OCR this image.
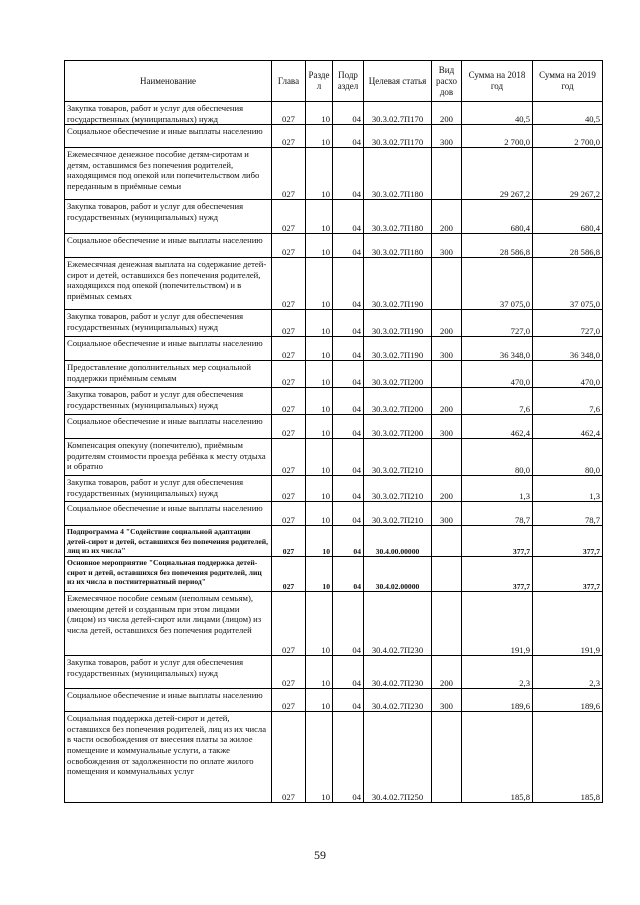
Наименование	Глава	Разде л	Подр аздел	Целевая статья	Вид расхо дов	Сумма на 2018 год	Сумма на 2019 год
Закупка товаров, работ и услуг для обеспечения государственных (муниципальных) нужд	027	10	04	30.3.02.7П170	200	40,5	40,5
Социальное обеспечение и иные выплаты населению	027	10	04	30.3.02.7П170	300	2 700,0	2 700,0
Ежемесячное денежное пособие детям-сиротам и детям, оставшимся без попечения родителей, находящимся под опекой или попечительством либо переданным в приёмные семьи	027	10	04	30.3.02.7П180		29 267,2	29 267,2
Закупка товаров, работ и услуг для обеспечения государственных (муниципальных) нужд	027	10	04	30.3.02.7П180	200	680,4	680,4
Социальное обеспечение и иные выплаты населению	027	10	04	30.3.02.7П180	300	28 586,8	28 586,8
Ежемесячная денежная выплата на содержание детей-сирот и детей, оставшихся без попечения родителей, находящихся под опекой (попечительством) и в приёмных семьях	027	10	04	30.3.02.7П190		37 075,0	37 075,0
Закупка товаров, работ и услуг для обеспечения государственных (муниципальных) нужд	027	10	04	30.3.02.7П190	200	727,0	727,0
Социальное обеспечение и иные выплаты населению	027	10	04	30.3.02.7П190	300	36 348,0	36 348,0
Предоставление дополнительных мер социальной поддержки приёмным семьям	027	10	04	30.3.02.7П200		470,0	470,0
Закупка товаров, работ и услуг для обеспечения государственных (муниципальных) нужд	027	10	04	30.3.02.7П200	200	7,6	7,6
Социальное обеспечение и иные выплаты населению	027	10	04	30.3.02.7П200	300	462,4	462,4
Компенсация опекуну (попечителю), приёмным родителям стоимости проезда ребёнка к месту отдыха и обратно	027	10	04	30.3.02.7П210		80,0	80,0
Закупка товаров, работ и услуг для обеспечения государственных (муниципальных) нужд	027	10	04	30.3.02.7П210	200	1,3	1,3
Социальное обеспечение и иные выплаты населению	027	10	04	30.3.02.7П210	300	78,7	78,7
Подпрограмма 4 "Содействие социальной адаптации детей-сирот и детей, оставшихся без попечения родителей, лиц из их числа"	027	10	04	30.4.00.00000		377,7	377,7
Основное мероприятие "Социальная поддержка детей-сирот и детей, оставшихся без попечения родителей, лиц из их числа в постинтернатный период"	027	10	04	30.4.02.00000		377,7	377,7
Ежемесячное пособие семьям (неполным семьям), имеющим детей и созданным при этом лицами (лицом) из числа детей-сирот или лицами (лицом) из числа детей, оставшихся без попечения родителей	027	10	04	30.4.02.7П230		191,9	191,9
Закупка товаров, работ и услуг для обеспечения государственных (муниципальных) нужд	027	10	04	30.4.02.7П230	200	2,3	2,3
Социальное обеспечение и иные выплаты населению	027	10	04	30.4.02.7П230	300	189,6	189,6
Социальная поддержка детей-сирот и детей, оставшихся без попечения родителей, лиц из их числа в части освобождения от внесения платы за жилое помещение и коммунальные услуги, а также освобождения от задолженности по оплате жилого помещения и коммунальных услуг	027	10	04	30.4.02.7П250		185,8	185,8
59
